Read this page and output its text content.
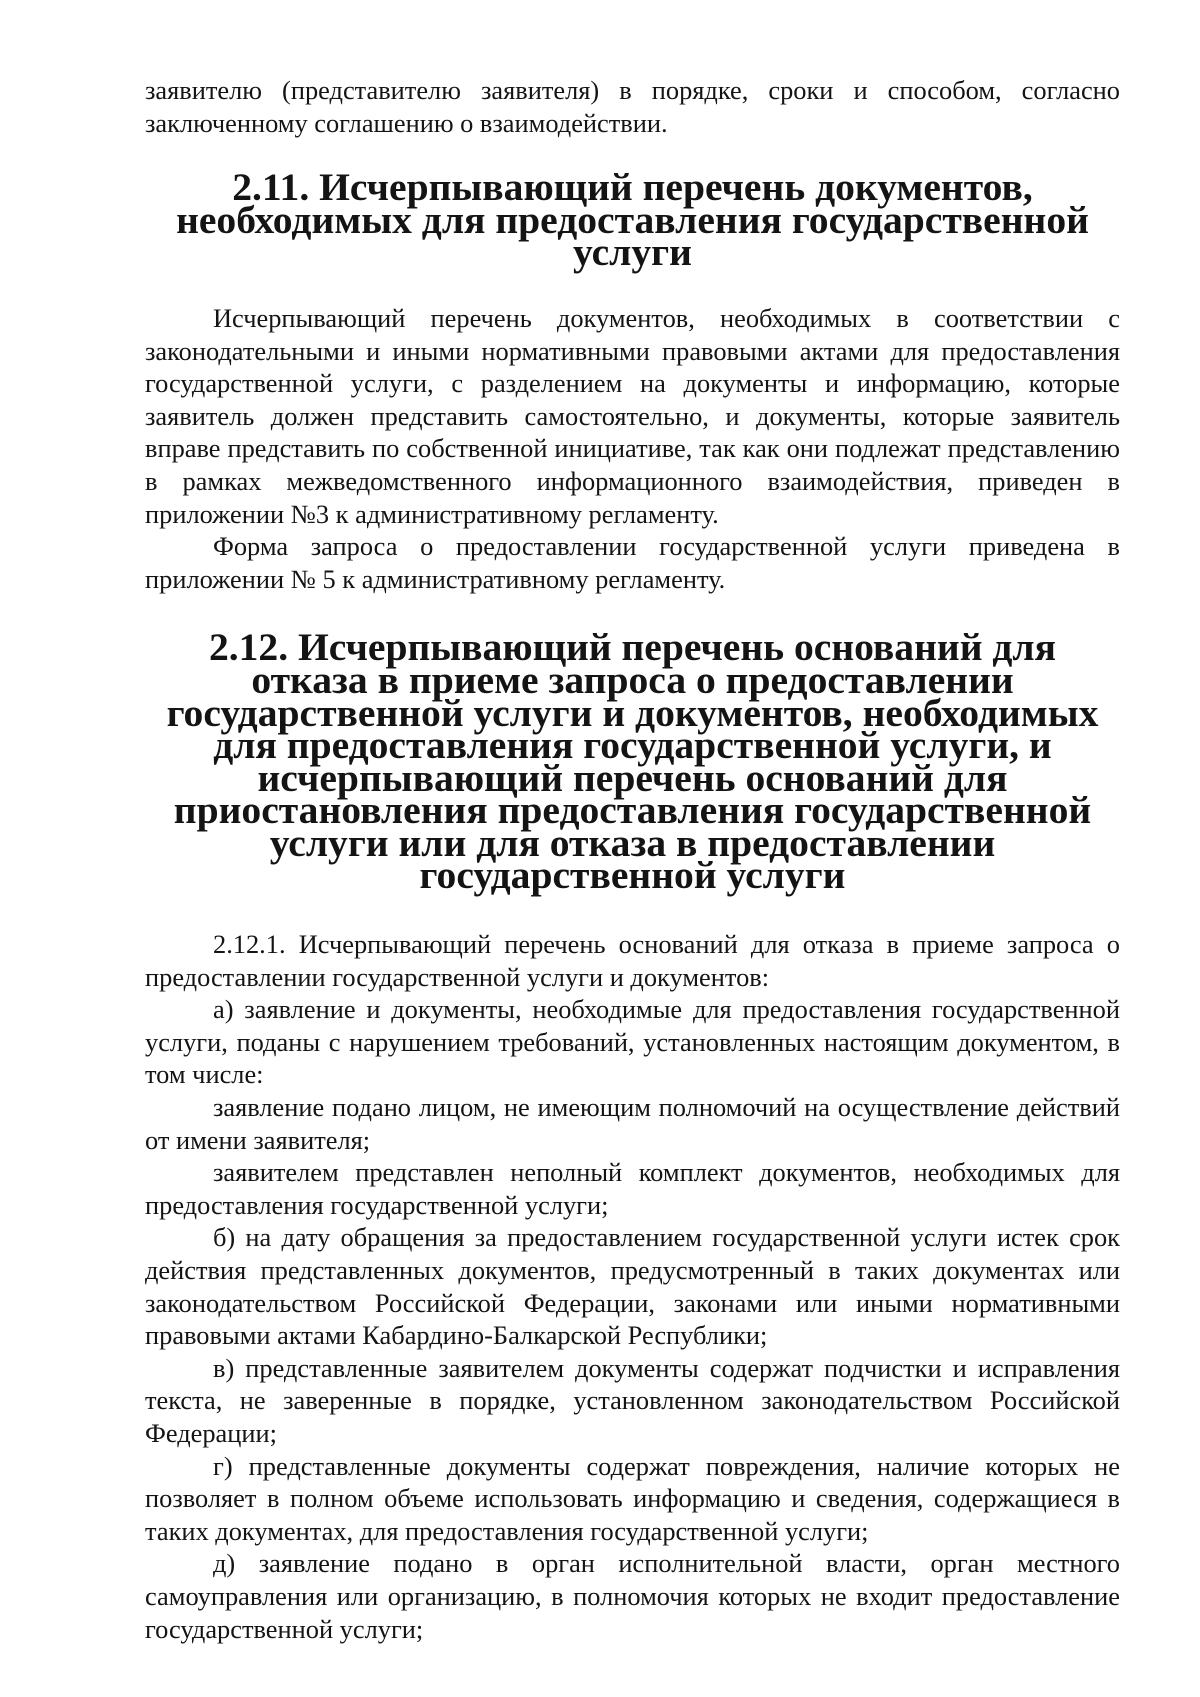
заявителю (представителю заявителя) в порядке, сроки и способом, согласно заключенному соглашению о взаимодействии.

2.11. Исчерпывающий перечень документов, необходимых для предоставления государственной услуги

Исчерпывающий перечень документов, необходимых в соответствии с законодательными и иными нормативными правовыми актами для предоставления государственной услуги, с разделением на документы и информацию, которые заявитель должен представить самостоятельно, и документы, которые заявитель вправе представить по собственной инициативе, так как они подлежат представлению в рамках межведомственного информационного взаимодействия, приведен в приложении №3 к административному регламенту.

Форма запроса о предоставлении государственной услуги приведена в приложении № 5 к административному регламенту.

2.12. Исчерпывающий перечень оснований для отказа в приеме запроса о предоставлении государственной услуги и документов, необходимых для предоставления государственной услуги, и исчерпывающий перечень оснований для приостановления предоставления государственной услуги или для отказа в предоставлении государственной услуги

2.12.1. Исчерпывающий перечень оснований для отказа в приеме запроса о предоставлении государственной услуги и документов:

а) заявление и документы, необходимые для предоставления государственной услуги, поданы с нарушением требований, установленных настоящим документом, в том числе:

заявление подано лицом, не имеющим полномочий на осуществление действий от имени заявителя;

заявителем представлен неполный комплект документов, необходимых для предоставления государственной услуги;

б) на дату обращения за предоставлением государственной услуги истек срок действия представленных документов, предусмотренный в таких документах или законодательством Российской Федерации, законами или иными нормативными правовыми актами Кабардино-Балкарской Республики;

в) представленные заявителем документы содержат подчистки и исправления текста, не заверенные в порядке, установленном законодательством Российской Федерации;

г) представленные документы содержат повреждения, наличие которых не позволяет в полном объеме использовать информацию и сведения, содержащиеся в таких документах, для предоставления государственной услуги;

д) заявление подано в орган исполнительной власти, орган местного самоуправления или организацию, в полномочия которых не входит предоставление государственной услуги;
